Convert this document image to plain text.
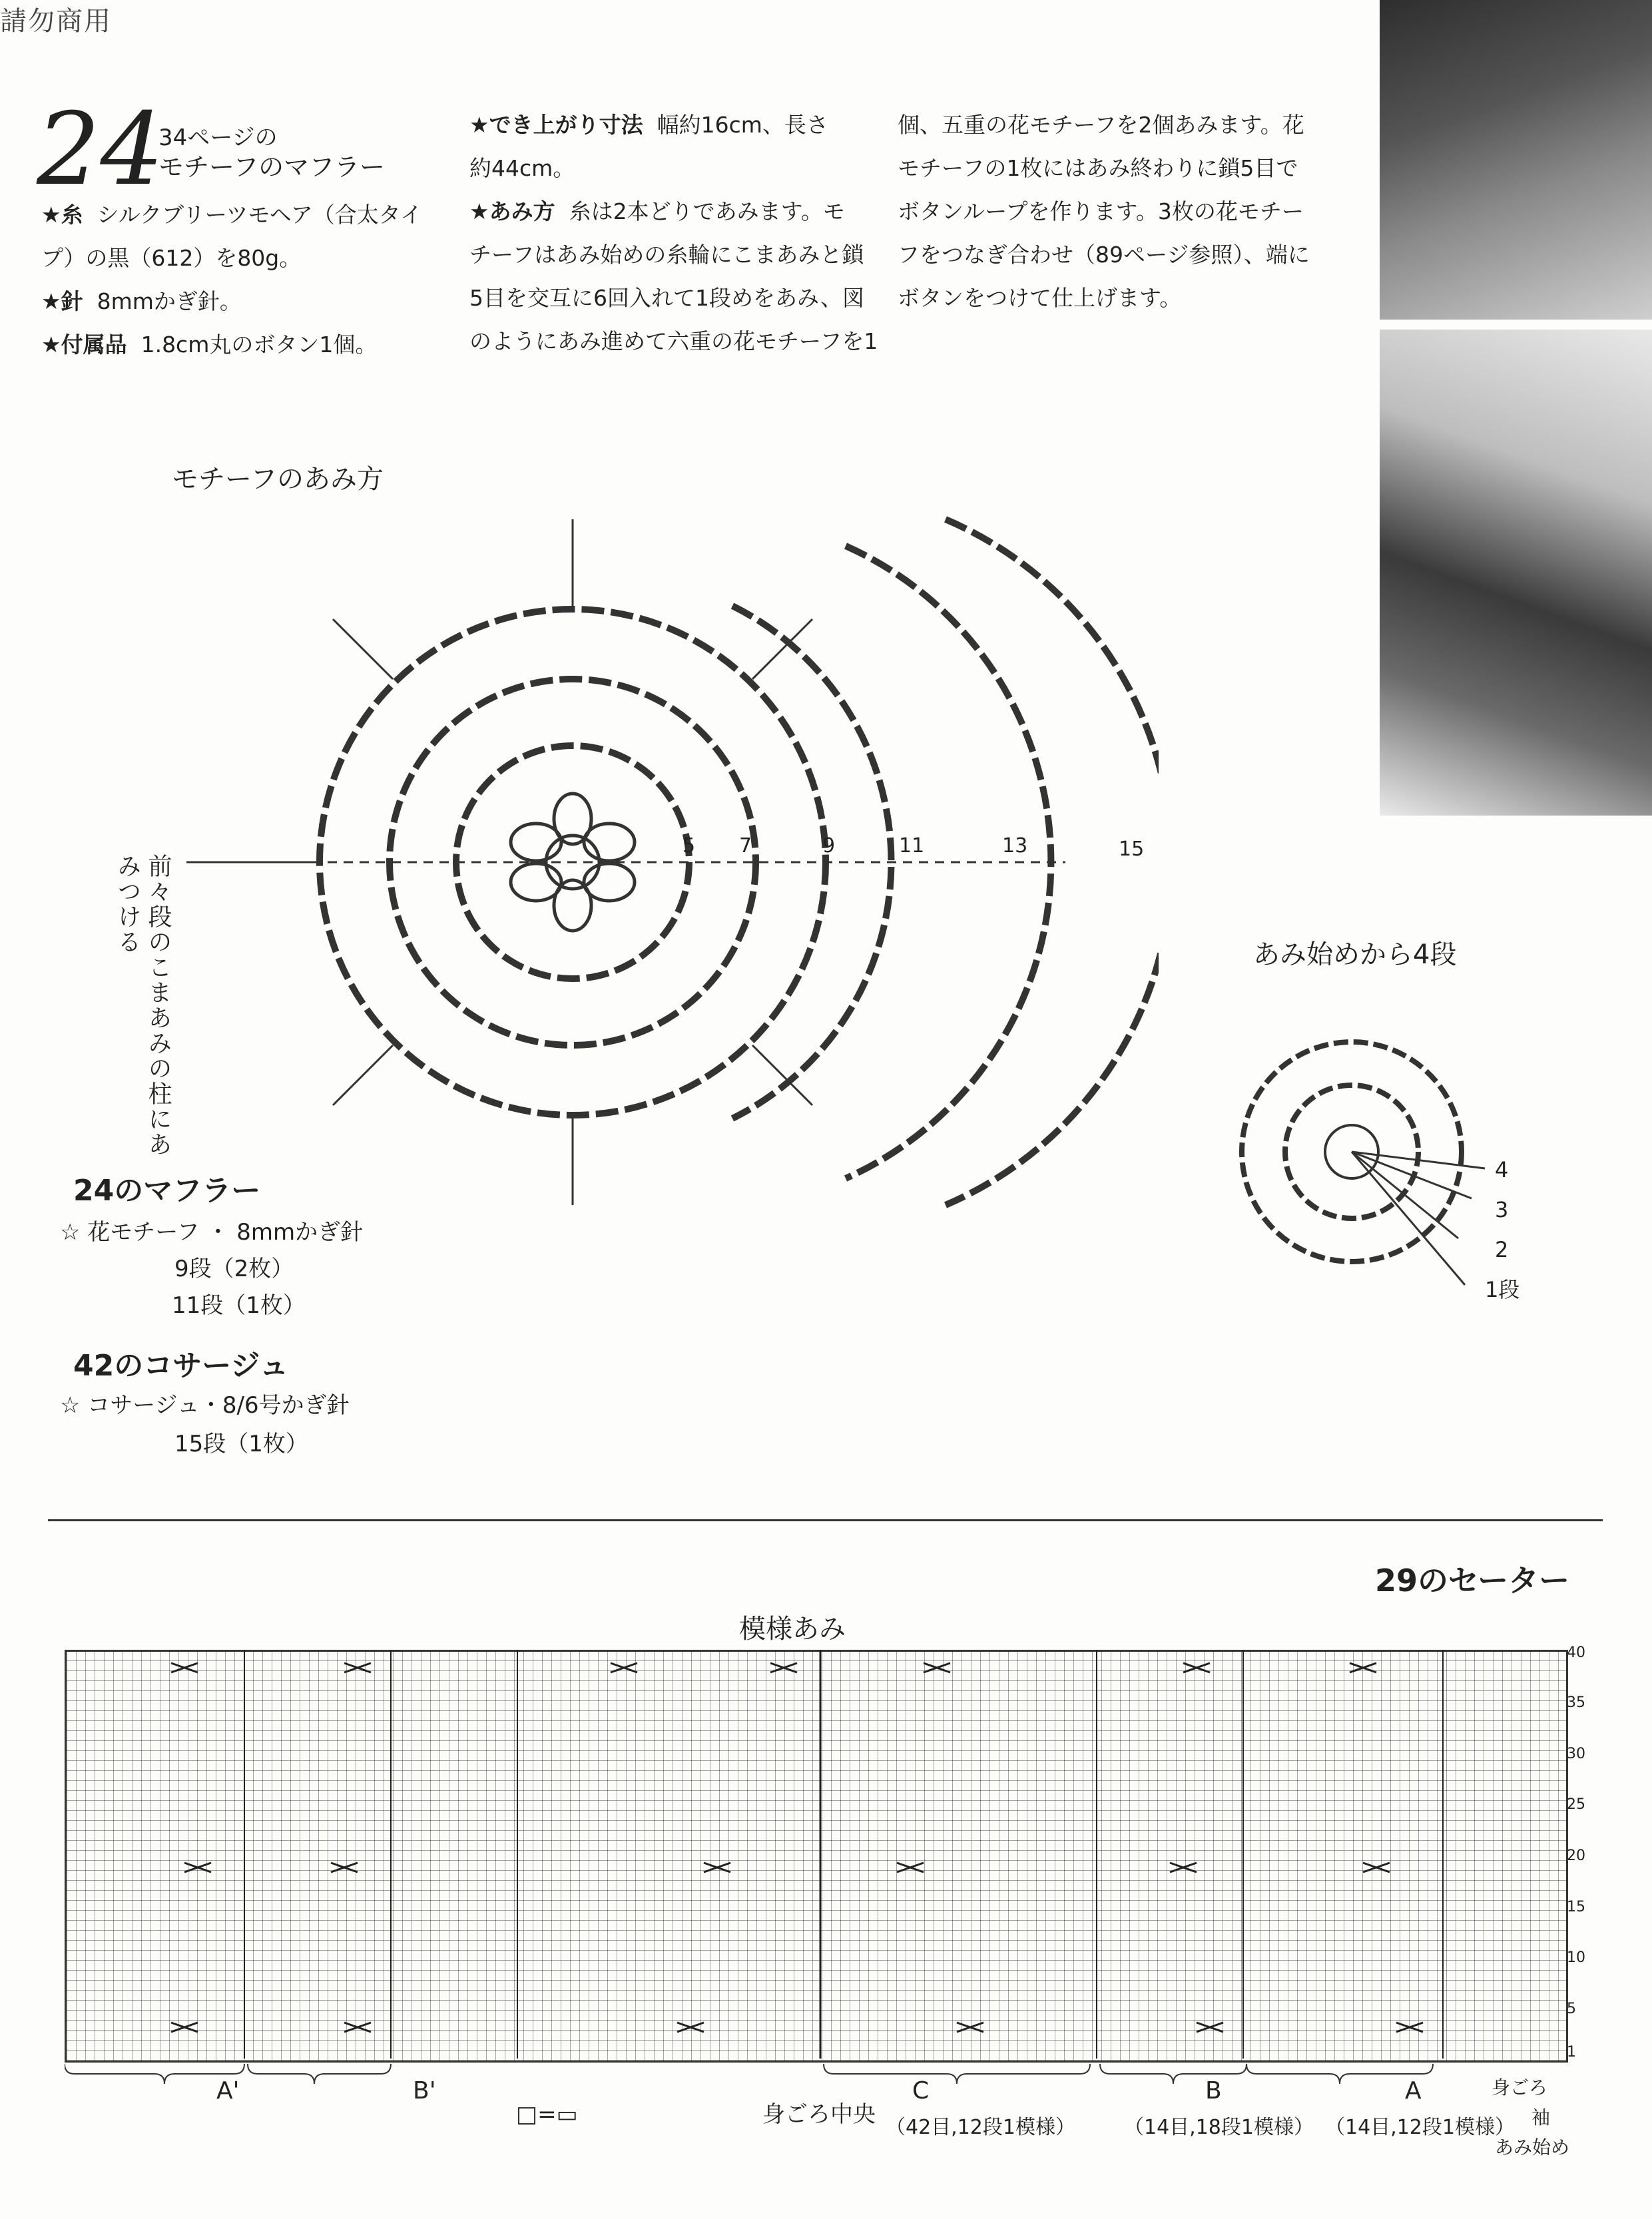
請勿商用
24
34ページの
モチーフのマフラー
★糸 シルクブリーツモヘア（合太タイ
プ）の黒（612）を80g。
★針 8mmかぎ針。
★付属品 1.8cm丸のボタン1個。
★でき上がり寸法 幅約16cm、長さ
約44cm。
★あみ方 糸は2本どりであみます。モ
チーフはあみ始めの糸輪にこまあみと鎖
5目を交互に6回入れて1段めをあみ、図
のようにあみ進めて六重の花モチーフを1
個、五重の花モチーフを2個あみます。花
モチーフの1枚にはあみ終わりに鎖5目で
ボタンループを作ります。3枚の花モチー
フをつなぎ合わせ（89ページ参照）、端に
ボタンをつけて仕上げます。
モチーフのあみ方
前々段のこまあみの柱にあみつける
5 7	9	11	13	15
あみ始めから4段
4
3
2
1段
24のマフラー
☆ 花モチーフ ・ 8mmかぎ針
9段（2枚）
11段（1枚）
42のコサージュ
☆ コサージュ・8/6号かぎ針
15段（1枚）
29のセーター
模様あみ
40
35
30
25
20
15
10
5
1
A'	B'	C	B	A
□=▭	身ごろ中央 （42目,12段1模様） （14目,18段1模様） （14目,12段1模様）
身ごろ
袖
あみ始め
